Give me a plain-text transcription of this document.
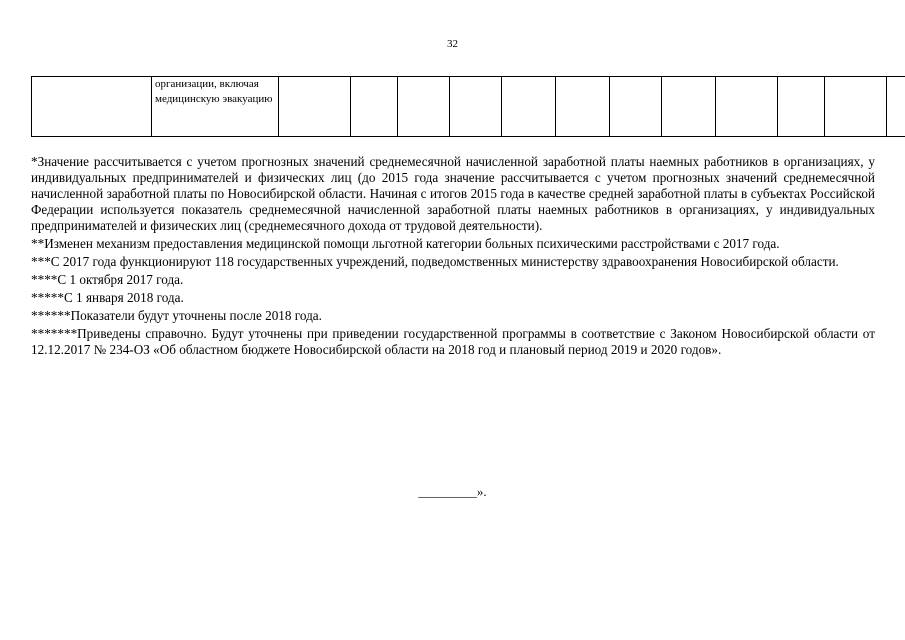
32
	организации, включая медицинскую эвакуацию												

*Значение рассчитывается с учетом прогнозных значений среднемесячной начисленной заработной платы наемных работников в организациях, у индивидуальных предпринимателей и физических лиц (до 2015 года значение рассчитывается с учетом прогнозных значений среднемесячной начисленной заработной платы по Новосибирской области. Начиная с итогов 2015 года в качестве средней заработной платы в субъектах Российской Федерации используется показатель среднемесячной начисленной заработной платы наемных работников в организациях, у индивидуальных предпринимателей и физических лиц (среднемесячного дохода от трудовой деятельности).

**Изменен механизм предоставления медицинской помощи льготной категории больных психическими расстройствами с 2017 года.

***С 2017 года функционируют 118 государственных учреждений, подведомственных министерству здравоохранения Новосибирской области.

****С 1 октября 2017 года.

*****С 1 января 2018 года.

******Показатели будут уточнены после 2018 года.

*******Приведены справочно. Будут уточнены при приведении государственной программы в соответствие с Законом Новосибирской области от 12.12.2017 № 234-ОЗ «Об областном бюджете Новосибирской области на 2018 год и плановый период 2019 и 2020 годов».

_________».
